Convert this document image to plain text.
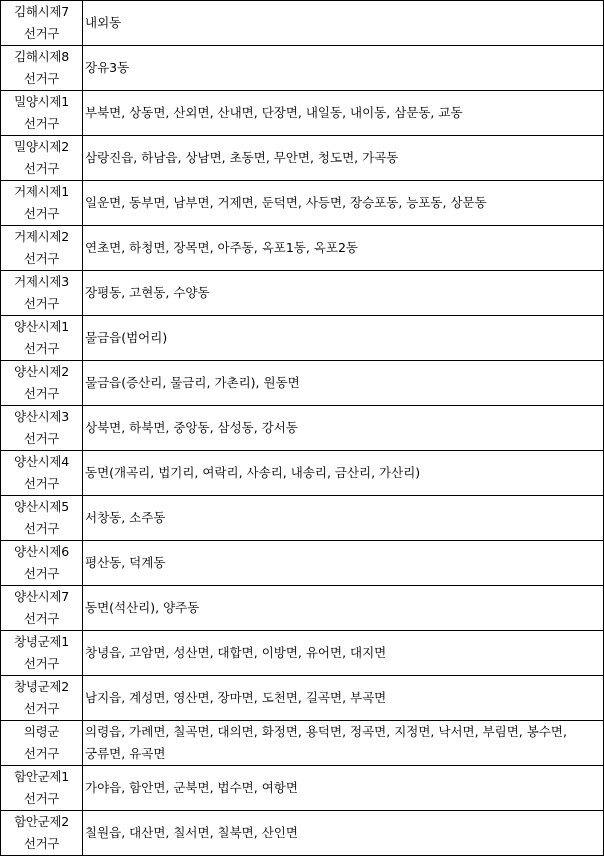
김해시제7
선거구	내외동
김해시제8
선거구	장유3동
밀양시제1
선거구	부북면, 상동면, 산외면, 산내면, 단장면, 내일동, 내이동, 삼문동, 교동
밀양시제2
선거구	삼랑진읍, 하남읍, 상남면, 초동면, 무안면, 청도면, 가곡동
거제시제1
선거구	일운면, 동부면, 남부면, 거제면, 둔덕면, 사등면, 장승포동, 능포동, 상문동
거제시제2
선거구	연초면, 하청면, 장목면, 아주동, 옥포1동, 옥포2동
거제시제3
선거구	장평동, 고현동, 수양동
양산시제1
선거구	물금읍(범어리)
양산시제2
선거구	물금읍(증산리, 물금리, 가촌리), 원동면
양산시제3
선거구	상북면, 하북면, 중앙동, 삼성동, 강서동
양산시제4
선거구	동면(개곡리, 법기리, 여락리, 사송리, 내송리, 금산리, 가산리)
양산시제5
선거구	서창동, 소주동
양산시제6
선거구	평산동, 덕계동
양산시제7
선거구	동면(석산리), 양주동
창녕군제1
선거구	창녕읍, 고암면, 성산면, 대합면, 이방면, 유어면, 대지면
창녕군제2
선거구	남지읍, 계성면, 영산면, 장마면, 도천면, 길곡면, 부곡면
의령군
선거구	의령읍, 가례면, 칠곡면, 대의면, 화정면, 용덕면, 정곡면, 지정면, 낙서면, 부림면, 봉수면, 궁류면, 유곡면
함안군제1
선거구	가야읍, 함안면, 군북면, 법수면, 여항면
함안군제2
선거구	칠원읍, 대산면, 칠서면, 칠북면, 산인면
